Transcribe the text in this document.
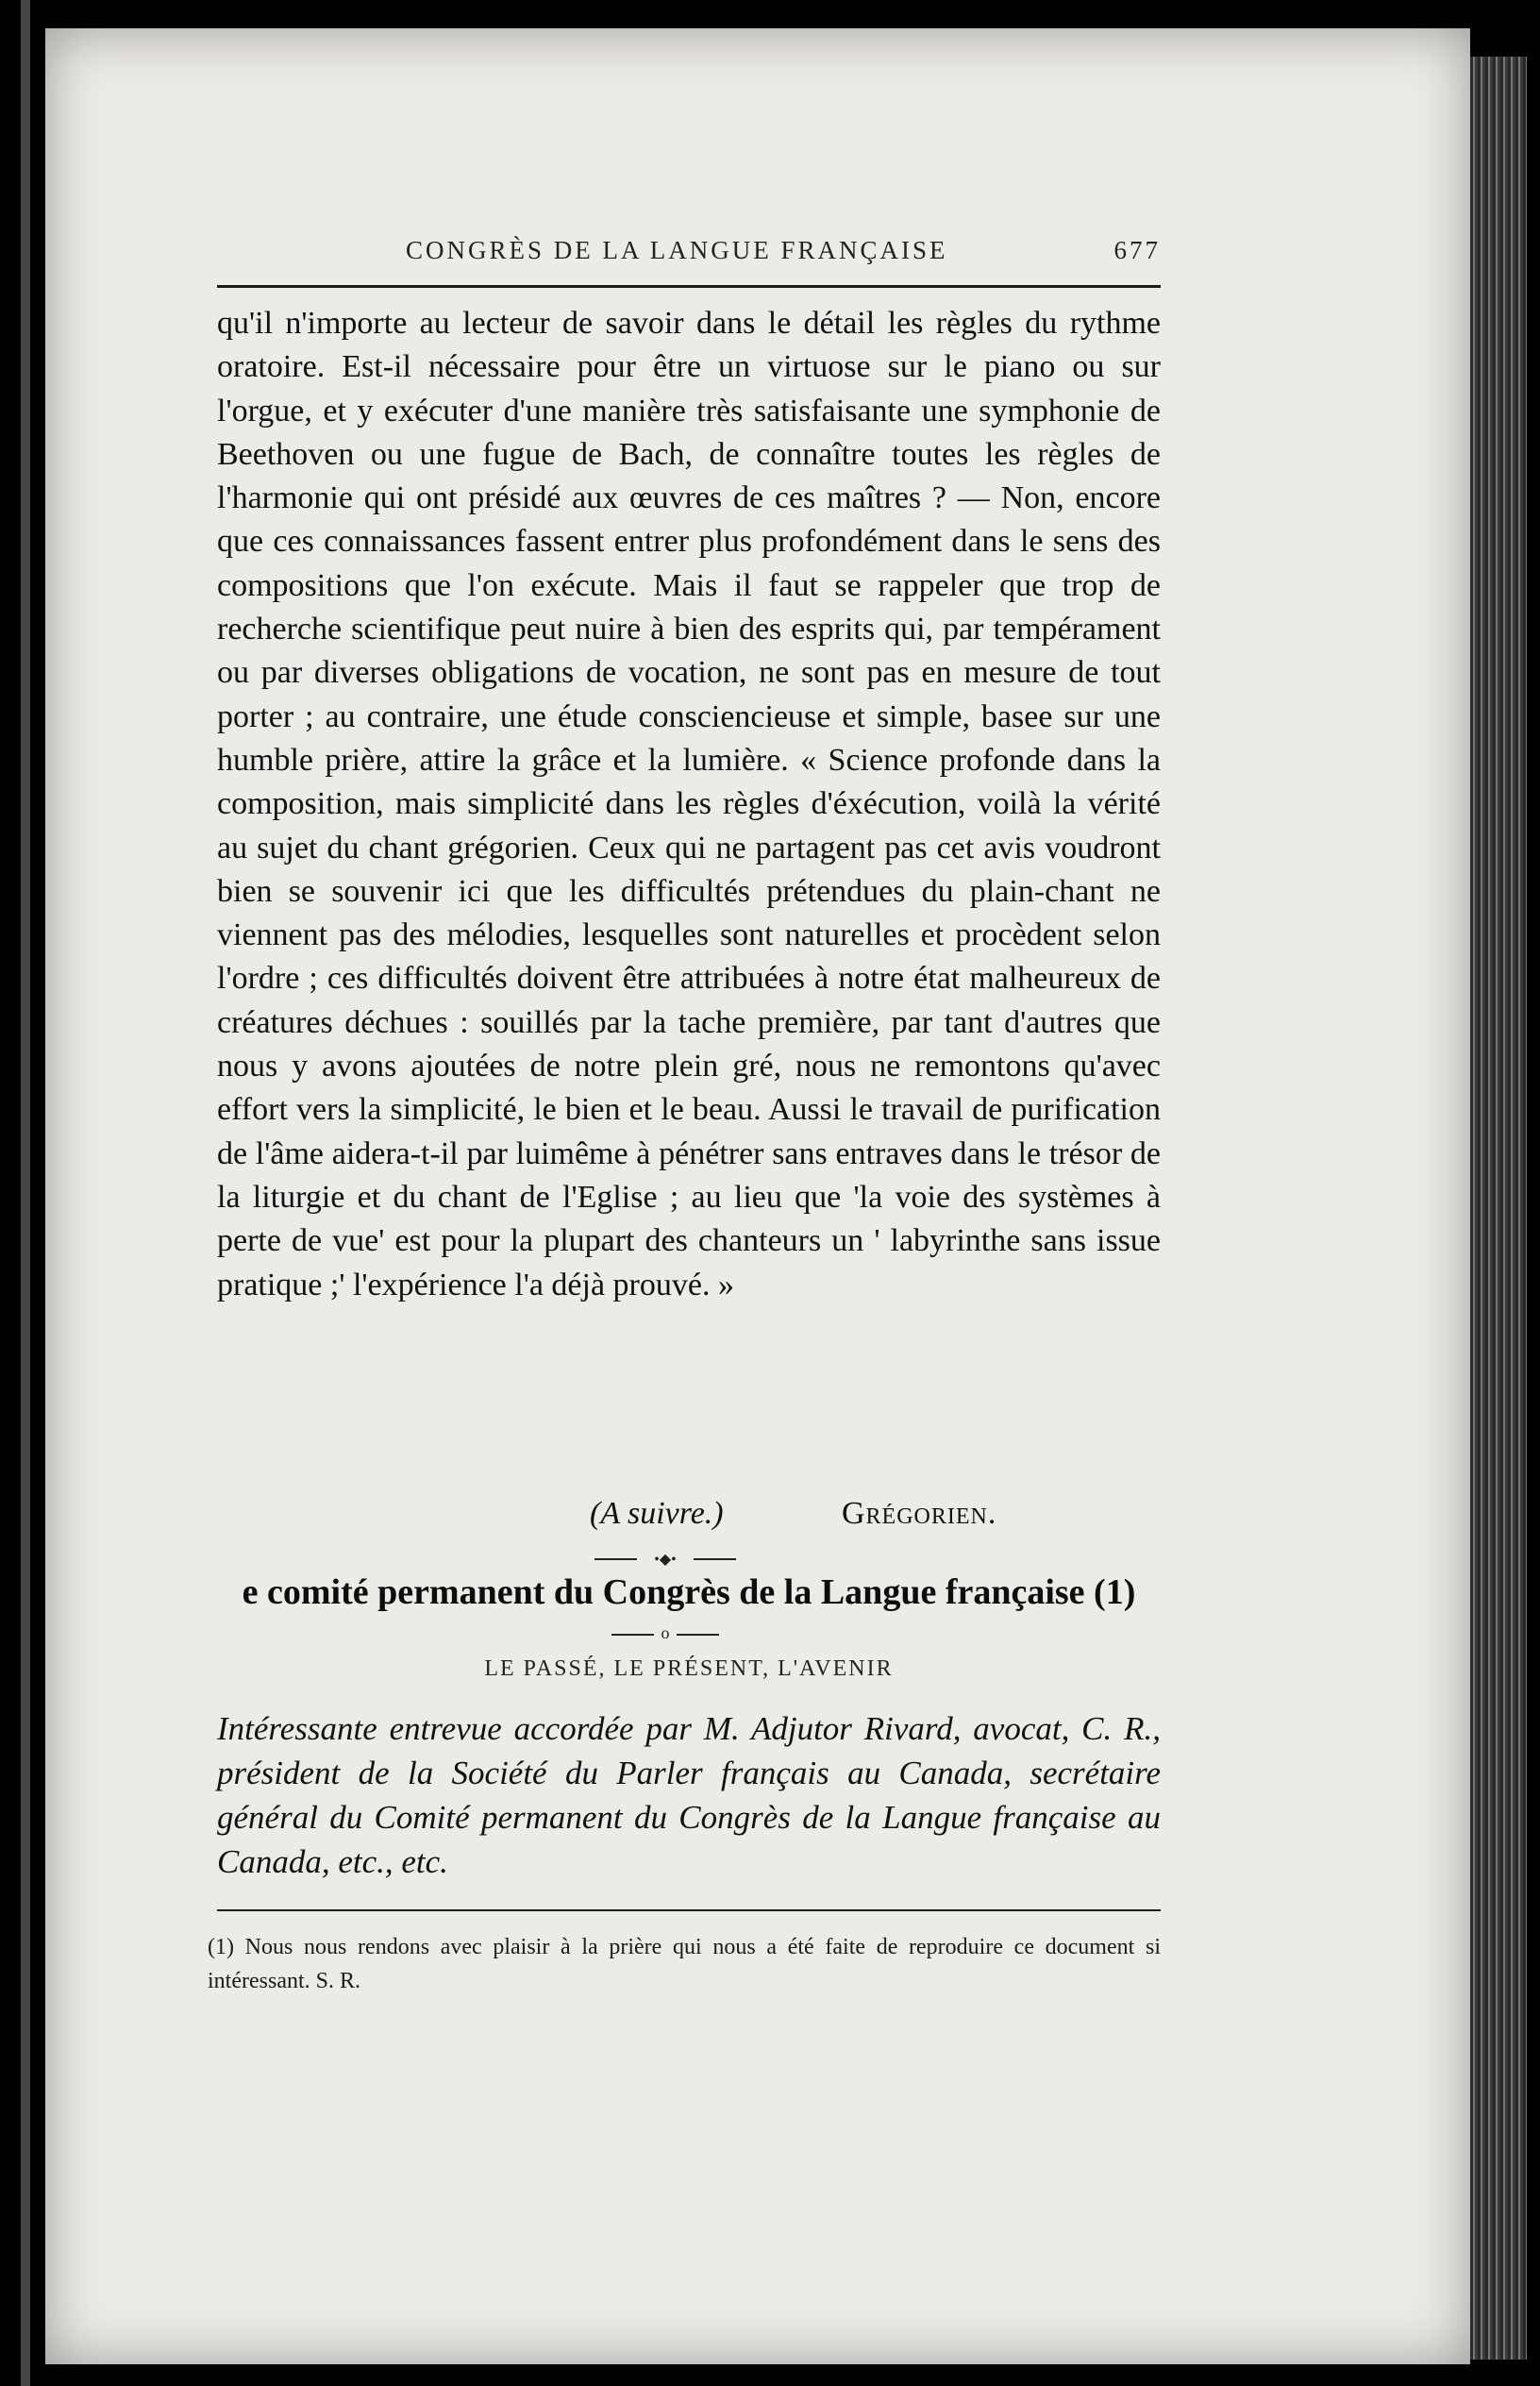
CONGRÈS DE LA LANGUE FRANÇAISE	677

qu'il n'importe au lecteur de savoir dans le détail les règles du rythme oratoire. Est-il nécessaire pour être un virtuose sur le piano ou sur l'orgue, et y exécuter d'une manière très satisfaisante une symphonie de Beethoven ou une fugue de Bach, de connaître toutes les règles de l'harmonie qui ont présidé aux œuvres de ces maîtres ? — Non, encore que ces connaissances fassent entrer plus profondément dans le sens des compositions que l'on exécute. Mais il faut se rappeler que trop de recherche scientifique peut nuire à bien des esprits qui, par tempérament ou par diverses obligations de vocation, ne sont pas en mesure de tout porter ; au contraire, une étude consciencieuse et simple, basee sur une humble prière, attire la grâce et la lumière. « Science profonde dans la composition, mais simplicité dans les règles d'éxécution, voilà la vérité au sujet du chant grégorien. Ceux qui ne partagent pas cet avis voudront bien se souvenir ici que les difficultés prétendues du plain-chant ne viennent pas des mélodies, lesquelles sont naturelles et procèdent selon l'ordre ; ces difficultés doivent être attribuées à notre état malheureux de créatures déchues : souillés par la tache première, par tant d'autres que nous y avons ajoutées de notre plein gré, nous ne remontons qu'avec effort vers la simplicité, le bien et le beau. Aussi le travail de purification de l'âme aidera-t-il par luimême à pénétrer sans entraves dans le trésor de la liturgie et du chant de l'Eglise ; au lieu que 'la voie des systèmes à perte de vue' est pour la plupart des chanteurs un ' labyrinthe sans issue pratique ;' l'expérience l'a déjà prouvé. »

(A suivre.)	Grégorien.
•◆•
e comité permanent du Congrès de la Langue française (1)
o
LE PASSÉ, LE PRÉSENT, L'AVENIR
Intéressante entrevue accordée par M. Adjutor Rivard, avocat, C. R., président de la Société du Parler français au Canada, secrétaire général du Comité permanent du Congrès de la Langue française au Canada, etc., etc.
(1) Nous nous rendons avec plaisir à la prière qui nous a été faite de reproduire ce document si intéressant. S. R.
